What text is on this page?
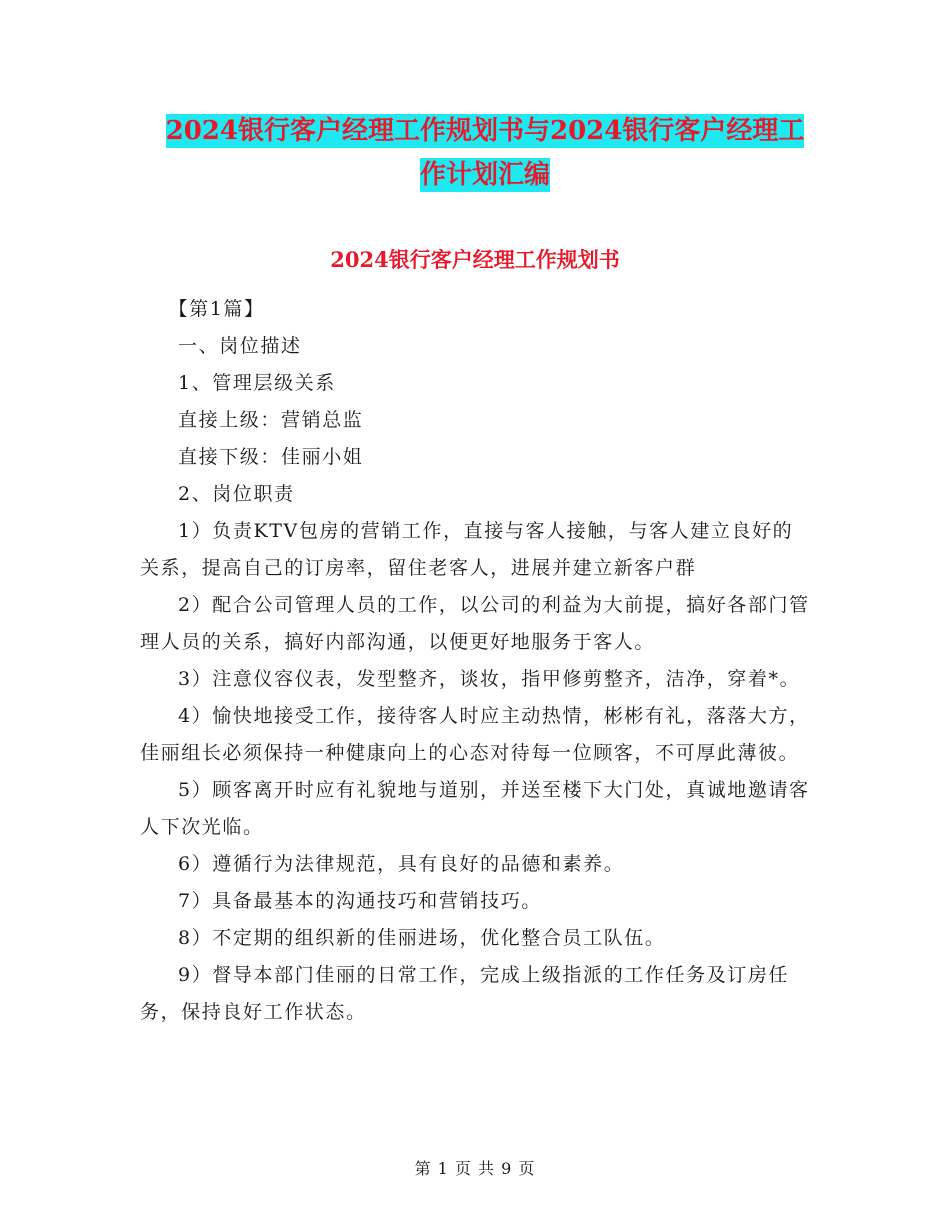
2024银行客户经理工作规划书与2024银行客户经理工
作计划汇编
2024银行客户经理工作规划书

【第1篇】

一、岗位描述

1、管理层级关系

直接上级：营销总监

直接下级：佳丽小姐

2、岗位职责

1）负责KTV包房的营销工作，直接与客人接触，与客人建立良好的关系，提高自己的订房率，留住老客人，进展并建立新客户群

2）配合公司管理人员的工作，以公司的利益为大前提，搞好各部门管理人员的关系，搞好内部沟通，以便更好地服务于客人。

3）注意仪容仪表，发型整齐，谈妆，指甲修剪整齐，洁净，穿着*。

4）愉快地接受工作，接待客人时应主动热情，彬彬有礼，落落大方，佳丽组长必须保持一种健康向上的心态对待每一位顾客，不可厚此薄彼。

5）顾客离开时应有礼貌地与道别，并送至楼下大门处，真诚地邀请客人下次光临。

6）遵循行为法律规范，具有良好的品德和素养。

7）具备最基本的沟通技巧和营销技巧。

8）不定期的组织新的佳丽进场，优化整合员工队伍。

9）督导本部门佳丽的日常工作，完成上级指派的工作任务及订房任务，保持良好工作状态。

第 1 页 共 9 页
